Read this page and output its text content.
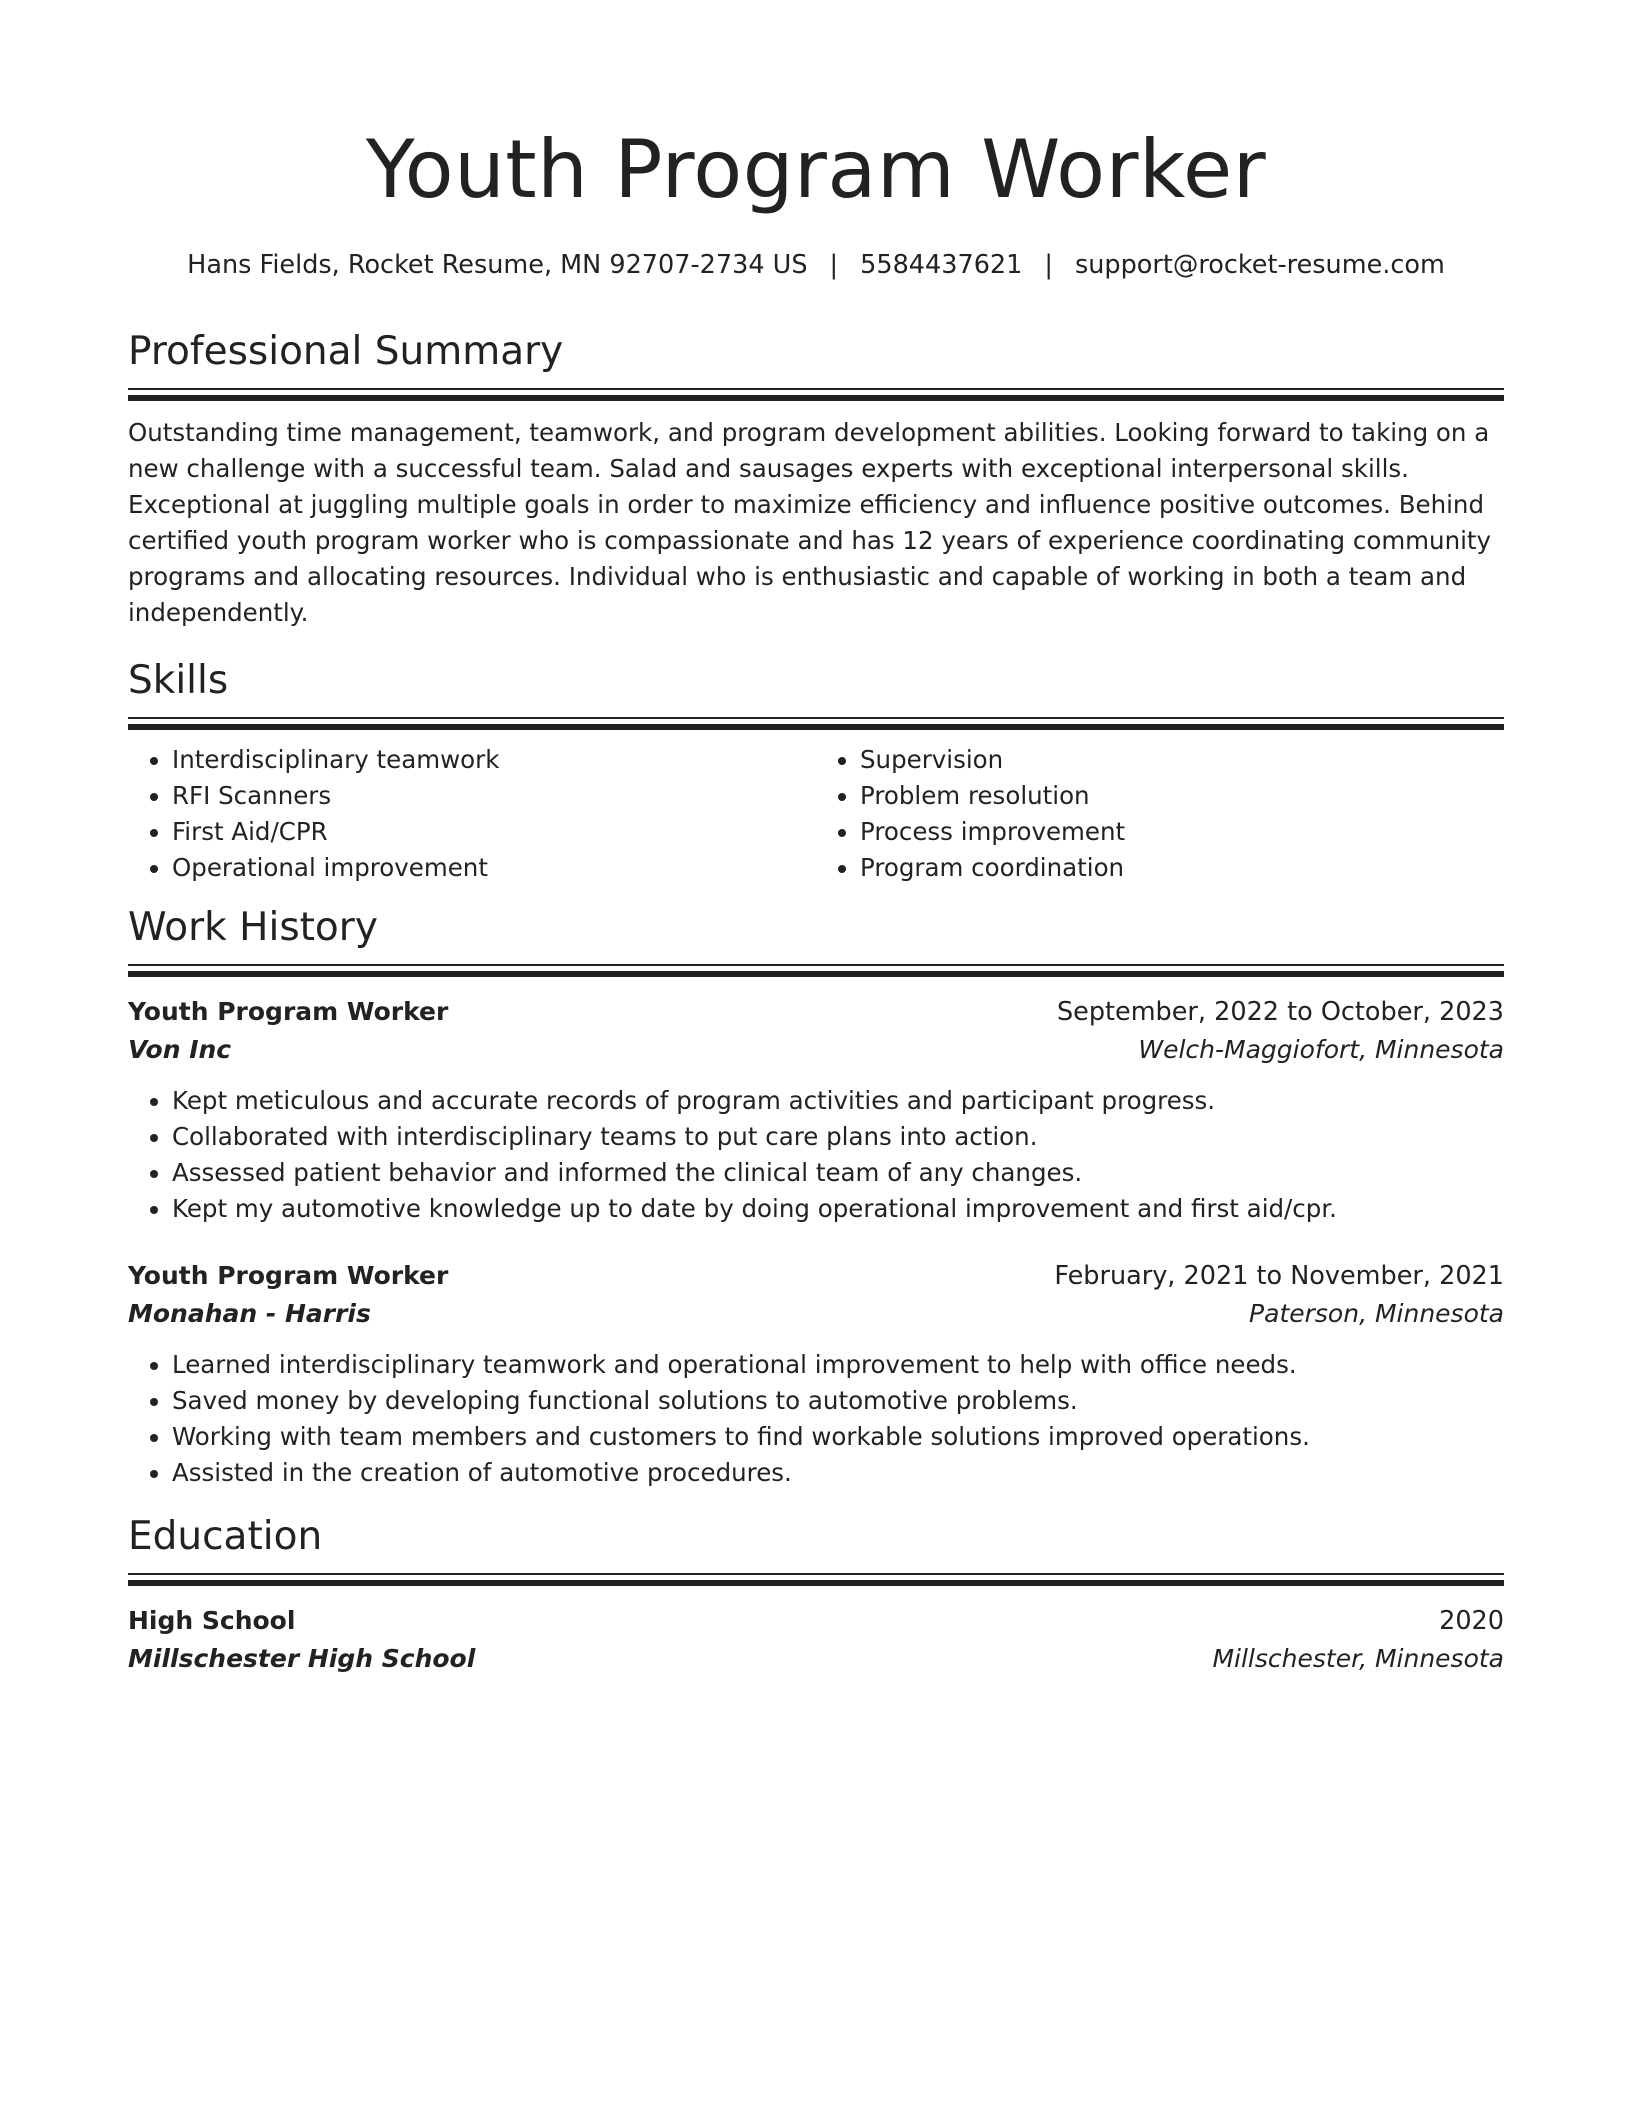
Youth Program Worker
Hans Fields, Rocket Resume, MN 92707-2734 US | 5584437621 | support@rocket-resume.com
Professional Summary

Outstanding time management, teamwork, and program development abilities. Looking forward to taking on a new challenge with a successful team. Salad and sausages experts with exceptional interpersonal skills. Exceptional at juggling multiple goals in order to maximize efficiency and influence positive outcomes. Behind certified youth program worker who is compassionate and has 12 years of experience coordinating community programs and allocating resources. Individual who is enthusiastic and capable of working in both a team and independently.

Skills
• Interdisciplinary teamwork
• RFI Scanners
• First Aid/CPR
• Operational improvement
• Supervision
• Problem resolution
• Process improvement
• Program coordination
Work History
Youth Program Worker	September, 2022 to October, 2023
Von Inc	Welch-Maggiofort, Minnesota
• Kept meticulous and accurate records of program activities and participant progress.
• Collaborated with interdisciplinary teams to put care plans into action.
• Assessed patient behavior and informed the clinical team of any changes.
• Kept my automotive knowledge up to date by doing operational improvement and first aid/cpr.
Youth Program Worker	February, 2021 to November, 2021
Monahan - Harris	Paterson, Minnesota
• Learned interdisciplinary teamwork and operational improvement to help with office needs.
• Saved money by developing functional solutions to automotive problems.
• Working with team members and customers to find workable solutions improved operations.
• Assisted in the creation of automotive procedures.
Education
High School	2020
Millschester High School	Millschester, Minnesota
